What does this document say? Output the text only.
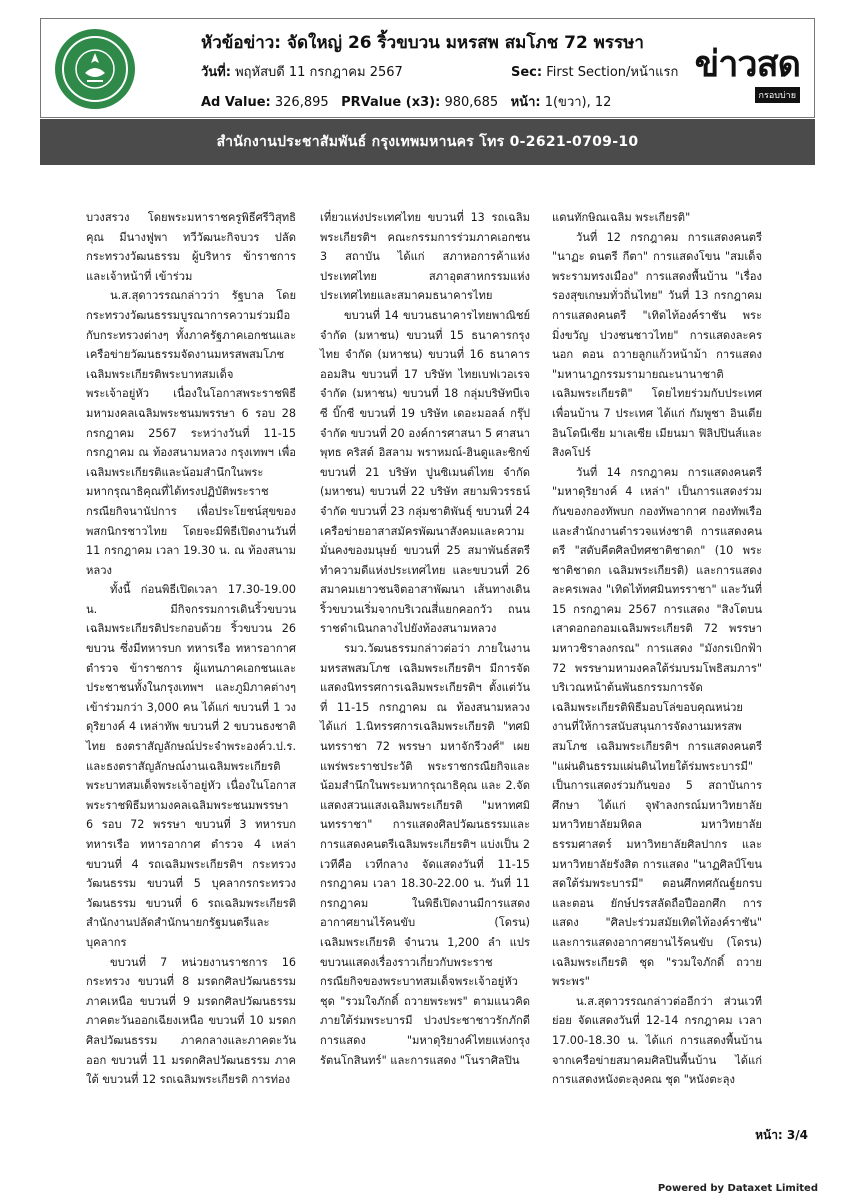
หัวข้อข่าว: จัดใหญ่ 26 ริ้วขบวน มหรสพ สมโภช 72 พรรษา
วันที่: พฤหัสบดี 11 กรกฎาคม 2567	Sec: First Section/หน้าแรก
Ad Value: 326,895 PRValue (x3): 980,685 หน้า: 1(ขวา), 12
ข่าวสด
กรอบบ่าย
สำนักงานประชาสัมพันธ์ กรุงเทพมหานคร โทร 0-2621-0709-10

บวงสรวง โดยพระมหาราชครูพิธีศรีวิสุทธิคุณ มีนางฟูพา ทวีวัฒนะกิจบวร ปลัดกระทรวงวัฒนธรรม ผู้บริหาร ข้าราชการ และเจ้าหน้าที่ เข้าร่วม

น.ส.สุดาวรรณกล่าวว่า รัฐบาล โดยกระทรวงวัฒนธรรมบูรณาการความร่วมมือกับกระทรวงต่างๆ ทั้งภาครัฐภาคเอกชนและเครือข่ายวัฒนธรรมจัดงานมหรสพสมโภช เฉลิมพระเกียรติพระบาทสมเด็จพระเจ้าอยู่หัว เนื่องในโอกาสพระราชพิธีมหามงคลเฉลิมพระชนมพรรษา 6 รอบ 28 กรกฎาคม 2567 ระหว่างวันที่ 11-15 กรกฎาคม ณ ท้องสนามหลวง กรุงเทพฯ เพื่อเฉลิมพระเกียรติและน้อมสำนึกในพระมหากรุณาธิคุณที่ได้ทรงปฏิบัติพระราชกรณียกิจนานัปการ เพื่อประโยชน์สุขของพสกนิกรชาวไทย โดยจะมีพิธีเปิดงานวันที่ 11 กรกฎาคม เวลา 19.30 น. ณ ท้องสนามหลวง

ทั้งนี้ ก่อนพิธีเปิดเวลา 17.30-19.00 น. มีกิจกรรมการเดินริ้วขบวนเฉลิมพระเกียรติประกอบด้วย ริ้วขบวน 26 ขบวน ซึ่งมีทหารบก ทหารเรือ ทหารอากาศ ตำรวจ ข้าราชการ ผู้แทนภาคเอกชนและประชาชนทั้งในกรุงเทพฯ และภูมิภาคต่างๆ เข้าร่วมกว่า 3,000 คน ได้แก่ ขบวนที่ 1 วงดุริยางค์ 4 เหล่าทัพ ขบวนที่ 2 ขบวนธงชาติไทย ธงตราสัญลักษณ์ประจำพระองค์ว.ป.ร. และธงตราสัญลักษณ์งานเฉลิมพระเกียรติพระบาทสมเด็จพระเจ้าอยู่หัว เนื่องในโอกาสพระราชพิธีมหามงคลเฉลิมพระชนมพรรษา 6 รอบ 72 พรรษา ขบวนที่ 3 ทหารบก ทหารเรือ ทหารอากาศ ตำรวจ 4 เหล่า ขบวนที่ 4 รถเฉลิมพระเกียรติฯ กระทรวงวัฒนธรรม ขบวนที่ 5 บุคลากรกระทรวงวัฒนธรรม ขบวนที่ 6 รถเฉลิมพระเกียรติ สำนักงานปลัดสำนักนายกรัฐมนตรีและบุคลากร

ขบวนที่ 7 หน่วยงานราชการ 16 กระทรวง ขบวนที่ 8 มรดกศิลปวัฒนธรรมภาคเหนือ ขบวนที่ 9 มรดกศิลปวัฒนธรรมภาคตะวันออกเฉียงเหนือ ขบวนที่ 10 มรดกศิลปวัฒนธรรม ภาคกลางและภาคตะวันออก ขบวนที่ 11 มรดกศิลปวัฒนธรรม ภาคใต้ ขบวนที่ 12 รถเฉลิมพระเกียรติ การท่อง

เที่ยวแห่งประเทศไทย ขบวนที่ 13 รถเฉลิมพระเกียรติฯ คณะกรรมการร่วมภาคเอกชน 3 สถาบัน ได้แก่ สภาหอการค้าแห่งประเทศไทย สภาอุตสาหกรรมแห่งประเทศไทยและสมาคมธนาคารไทย

ขบวนที่ 14 ขบวนธนาคารไทยพาณิชย์ จำกัด (มหาชน) ขบวนที่ 15 ธนาคารกรุงไทย จำกัด (มหาชน) ขบวนที่ 16 ธนาคารออมสิน ขบวนที่ 17 บริษัท ไทยเบฟเวอเรจ จำกัด (มหาชน) ขบวนที่ 18 กลุ่มบริษัทบีเจซี บิ๊กซี ขบวนที่ 19 บริษัท เดอะมอลล์ กรุ๊ป จำกัด ขบวนที่ 20 องค์การศาสนา 5 ศาสนาพุทธ คริสต์ อิสลาม พราหมณ์-ฮินดูและซิกข์ ขบวนที่ 21 บริษัท ปูนซิเมนต์ไทย จำกัด (มหาชน) ขบวนที่ 22 บริษัท สยามพิวรรธน์ จำกัด ขบวนที่ 23 กลุ่มชาติพันธุ์ ขบวนที่ 24 เครือข่ายอาสาสมัครพัฒนาสังคมและความมั่นคงของมนุษย์ ขบวนที่ 25 สมาพันธ์สตรี ทำความดีแห่งประเทศไทย และขบวนที่ 26 สมาคมเยาวชนจิตอาสาพัฒนา เส้นทางเดินริ้วขบวนเริ่มจากบริเวณสี่แยกคอกวัว ถนนราชดำเนินกลางไปยังท้องสนามหลวง

รมว.วัฒนธรรมกล่าวต่อว่า ภายในงานมหรสพสมโภช เฉลิมพระเกียรติฯ มีการจัดแสดงนิทรรศการเฉลิมพระเกียรติฯ ตั้งแต่วันที่ 11-15 กรกฎาคม ณ ท้องสนามหลวง ได้แก่ 1.นิทรรศการเฉลิมพระเกียรติ "ทศมินทรราชา 72 พรรษา มหาจักรีวงศ์" เผยแพร่พระราชประวัติ พระราชกรณียกิจและน้อมสำนึกในพระมหากรุณาธิคุณ และ 2.จัดแสดงสวนแสงเฉลิมพระเกียรติ "มหาทศมินทรราชา" การแสดงศิลปวัฒนธรรมและการแสดงคนตรีเฉลิมพระเกียรติฯ แบ่งเป็น 2 เวทีคือ เวทีกลาง จัดแสดงวันที่ 11-15 กรกฎาคม เวลา 18.30-22.00 น. วันที่ 11 กรกฎาคม ในพิธีเปิดงานมีการแสดงอากาศยานไร้คนขับ (โดรน) เฉลิมพระเกียรติ จำนวน 1,200 ลำ แปรขบวนแสดงเรื่องราวเกี่ยวกับพระราชกรณียกิจของพระบาทสมเด็จพระเจ้าอยู่หัว ชุด "รวมใจภักดิ์ ถวายพระพร" ตามแนวคิดภายใต้ร่มพระบารมี ปวงประชาชาวรักภักดี การแสดง "มหาดุริยางค์ไทยแห่งกรุงรัตนโกสินทร์" และการแสดง "โนราศิลปิน

แดนทักษิณเฉลิม พระเกียรติ"

วันที่ 12 กรกฎาคม การแสดงคนตรี "นาฏะ ดนตรี กีตา" การแสดงโขน "สมเด็จพระรามทรงเมือง" การแสดงพื้นบ้าน "เรื่องรองสุขเกษมทั่วถิ่นไทย" วันที่ 13 กรกฎาคม การแสดงคนตรี "เทิดไท้องค์ราชัน พระมิ่งขวัญ ปวงชนชาวไทย" การแสดงละครนอก ตอน ถวายลูกแก้วหน้าม้า การแสดง "มหานาฏกรรมรามายณะนานาชาติเฉลิมพระเกียรติ" โดยไทยร่วมกับประเทศเพื่อนบ้าน 7 ประเทศ ได้แก่ กัมพูชา อินเดีย อินโดนีเซีย มาเลเซีย เมียนมา ฟิลิปปินส์และสิงคโปร์

วันที่ 14 กรกฎาคม การแสดงคนตรี "มหาดุริยางค์ 4 เหล่า" เป็นการแสดงร่วมกันของกองทัพบก กองทัพอากาศ กองทัพเรือและสำนักงานตำรวจแห่งชาติ การแสดงคนตรี "สดับคีตศิลป์ทศชาติชาดก" (10 พระชาติชาดก เฉลิมพระเกียรติ) และการแสดงละครเพลง "เทิดไท้ทศมินทรราชา" และวันที่ 15 กรกฎาคม 2567 การแสดง "สิงโตบนเสาดอกอกอมเฉลิมพระเกียรติ 72 พรรษามหาวชิราลงกรณ" การแสดง "มังกรเบิกฟ้า 72 พรรษามหามงคลใต้ร่มบรมโพธิสมภาร" บริเวณหน้าต้นพันธกรรมการจัดเฉลิมพระเกียรติพิธีมอบโล่ขอบคุณหน่วยงานที่ให้การสนับสนุนการจัดงานมหรสพสมโภช เฉลิมพระเกียรติฯ การแสดงคนตรี "แผ่นดินธรรมแผ่นดินไทยใต้ร่มพระบารมี" เป็นการแสดงร่วมกันของ 5 สถาบันการศึกษา ได้แก่ จุฬาลงกรณ์มหาวิทยาลัย มหาวิทยาลัยมหิดล มหาวิทยาลัยธรรมศาสตร์ มหาวิทยาลัยศิลปากร และมหาวิทยาลัยรังสิต การแสดง "นาฏศิลป์โขนสดใต้ร่มพระบารมี" ตอนศึกทศกัณฐ์ยกรบ และตอน ยักษ์ปรรสลัดถือปืออกศึก การแสดง "ศิลปะร่วมสมัยเทิดไท้องค์ราชัน" และการแสดงอากาศยานไร้คนขับ (โดรน) เฉลิมพระเกียรติ ชุด "รวมใจภักดิ์ ถวายพระพร"

น.ส.สุดาวรรณกล่าวต่ออีกว่า ส่วนเวทีย่อย จัดแสดงวันที่ 12-14 กรกฎาคม เวลา 17.00-18.30 น. ได้แก่ การแสดงพื้นบ้านจากเครือข่ายสมาคมศิลปินพื้นบ้าน ได้แก่การแสดงหนังตะลุงคณ ชุด "หนังตะลุง

หน้า: 3/4
Powered by Dataxet Limited
